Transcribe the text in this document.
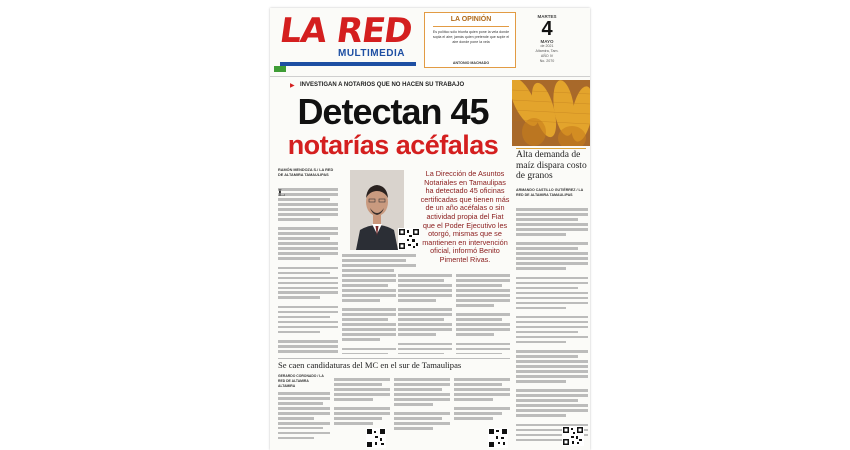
LA RED
MULTIMEDIA
LA OPINIÓN
Es político sólo triunfa quien pone la vela donde sopla el aire; jamás quien pretende que sople el aire donde pone la vela
ANTONIO MACHADO
MARTES
4
MAYO
de 2021
Altamira, Tam.
AÑO IV
No. 2070
▶ INVESTIGAN A NOTARIOS QUE NO HACEN SU TRABAJO
Detectan 45
notarías acéfalas	Alta demanda de maíz dispara costo de granos
ARMANDO CASTILLO GUTIÉRREZ / LA RED DE ALTAMIRA TAMAULIPAS
RAMÓN MENDOZA S./ LA RED DE ALTAMIRA TAMAULIPAS	La Dirección de Asuntos Notariales en Tamaulipas ha detectado 45 oficinas certificadas que tienen más de un año acéfalas o sin actividad propia del Fiat que el Poder Ejecutivo les otorgó, mismas que se mantienen en intervención oficial, informó Benito Pimentel Rivas.
Se caen candidaturas del MC en el sur de Tamaulipas
GERARDO CORONADO / LA RED DE ALTAMIRA ALTAMIRA
